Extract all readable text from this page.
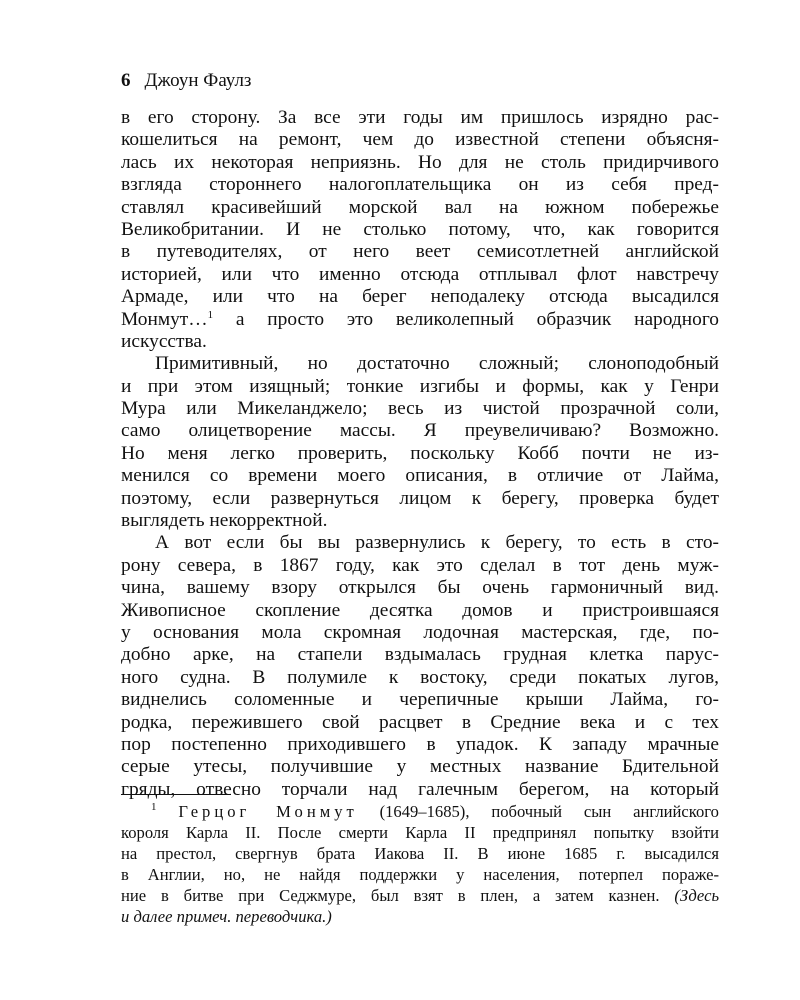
6 Джоун Фаулз
в его сторону. За все эти годы им пришлось изрядно рас-
кошелиться на ремонт, чем до известной степени объясня-
лась их некоторая неприязнь. Но для не столь придирчивого
взгляда стороннего налогоплательщика он из себя пред-
ставлял красивейший морской вал на южном побережье
Великобритании. И не столько потому, что, как говорится
в путеводителях, от него веет семисотлетней английской
историей, или что именно отсюда отплывал флот навстречу
Армаде, или что на берег неподалеку отсюда высадился
Монмут…$^1$ а просто это великолепный образчик народного
искусства.
Примитивный, но достаточно сложный; слоноподобный
и при этом изящный; тонкие изгибы и формы, как у Генри
Мура или Микеланджело; весь из чистой прозрачной соли,
само олицетворение массы. Я преувеличиваю? Возможно.
Но меня легко проверить, поскольку Кобб почти не из-
менился со времени моего описания, в отличие от Лайма,
поэтому, если развернуться лицом к берегу, проверка будет
выглядеть некорректной.
А вот если бы вы развернулись к берегу, то есть в сто-
рону севера, в 1867 году, как это сделал в тот день муж-
чина, вашему взору открылся бы очень гармоничный вид.
Живописное скопление десятка домов и пристроившаяся
у основания мола скромная лодочная мастерская, где, по-
добно арке, на стапели вздымалась грудная клетка парус-
ного судна. В полумиле к востоку, среди покатых лугов,
виднелись соломенные и черепичные крыши Лайма, го-
родка, пережившего свой расцвет в Средние века и с тех
пор постепенно приходившего в упадок. К западу мрачные
серые утесы, получившие у местных название Бдительной
гряды, отвесно торчали над галечным берегом, на который
$^1$ Герцог Монмут (1649–1685), побочный сын английского
короля Карла II. После смерти Карла II предпринял попытку взойти
на престол, свергнув брата Иакова II. В июне 1685 г. высадился
в Англии, но, не найдя поддержки у населения, потерпел пораже-
ние в битве при Седжмуре, был взят в плен, а затем казнен. (Здесь
и далее примеч. переводчика.)
